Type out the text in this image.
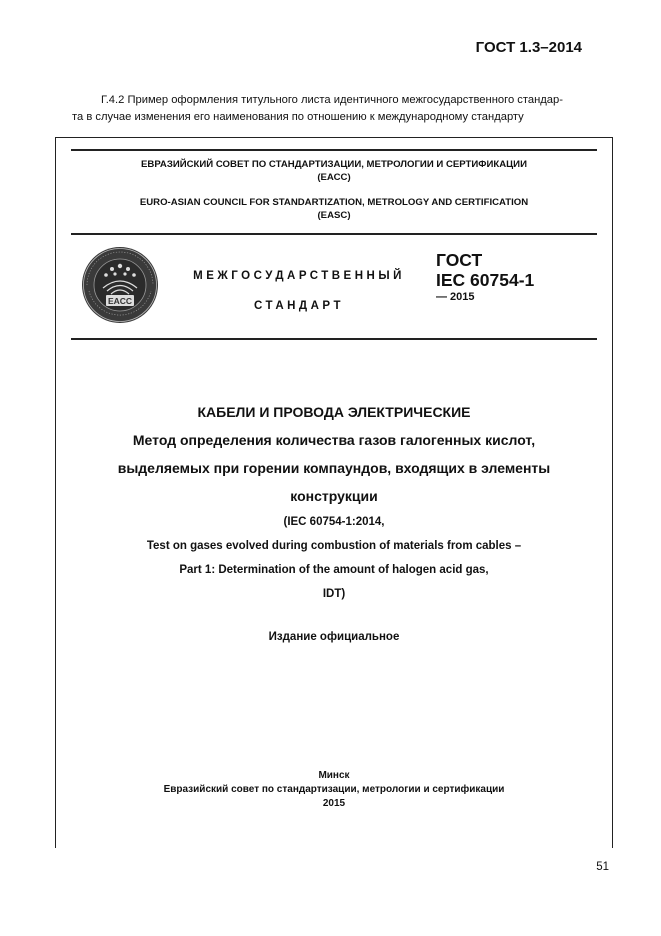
ГОСТ 1.3–2014
Г.4.2 Пример оформления титульного листа идентичного межгосударственного стандар-
та в случае изменения его наименования по отношению к международному стандарту
ЕВРАЗИЙСКИЙ СОВЕТ ПО СТАНДАРТИЗАЦИИ, МЕТРОЛОГИИ И СЕРТИФИКАЦИИ
(ЕАСС)
EURO-ASIAN COUNCIL FOR STANDARTIZATION, METROLOGY AND CERTIFICATION
(EASC)
EACC
МЕЖГОСУДАРСТВЕННЫЙ
СТАНДАРТ
ГОСТ
IEC 60754-1
— 2015
КАБЕЛИ И ПРОВОДА ЭЛЕКТРИЧЕСКИЕ
Метод определения количества газов галогенных кислот,
выделяемых при горении компаундов, входящих в элементы
конструкции
(IEC 60754-1:2014,
Test on gases evolved during combustion of materials from cables –
Part 1: Determination of the amount of halogen acid gas,
IDT)
Издание официальное
Минск
Евразийский совет по стандартизации, метрологии и сертификации
2015
51
